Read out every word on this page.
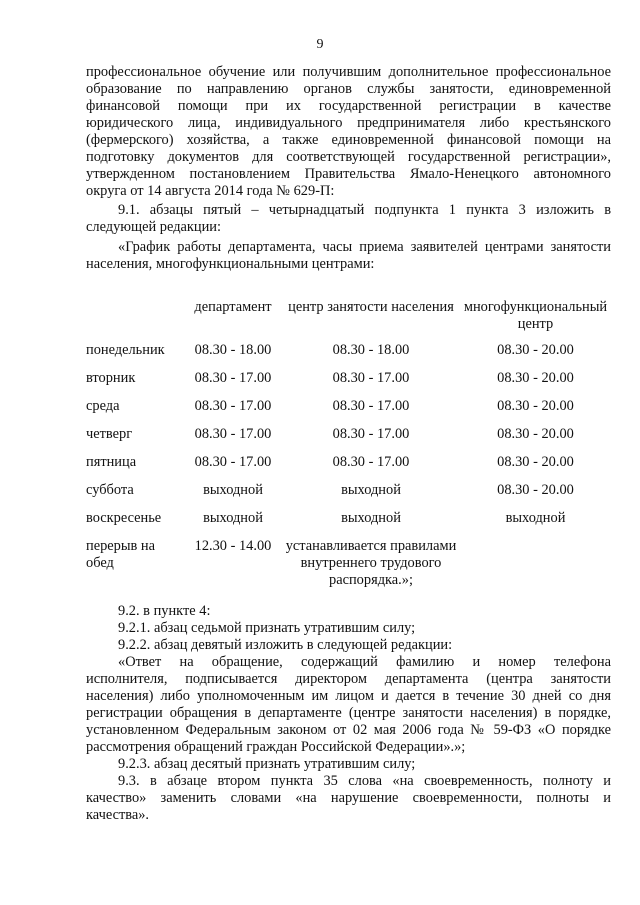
9

профессиональное обучение или получившим дополнительное профессиональное

образование по направлению органов службы занятости, единовременной

финансовой помощи при их государственной регистрации в качестве

юридического лица, индивидуального предпринимателя либо крестьянского

(фермерского) хозяйства, а также единовременной финансовой помощи на

подготовку документов для соответствующей государственной регистрации»,

утвержденном постановлением Правительства Ямало-Ненецкого автономного

округа от 14 августа 2014 года № 629-П:

9.1. абзацы пятый – четырнадцатый подпункта 1 пункта 3 изложить в

следующей редакции:

«График работы департамента, часы приема заявителей центрами занятости

населения, многофункциональными центрами:

	департамент	центр занятости населения	многофункциональный центр
понедельник	08.30 - 18.00	08.30 - 18.00	08.30 - 20.00
вторник	08.30 - 17.00	08.30 - 17.00	08.30 - 20.00
среда	08.30 - 17.00	08.30 - 17.00	08.30 - 20.00
четверг	08.30 - 17.00	08.30 - 17.00	08.30 - 20.00
пятница	08.30 - 17.00	08.30 - 17.00	08.30 - 20.00
суббота	выходной	выходной	08.30 - 20.00
воскресенье	выходной	выходной	выходной
перерыв на обед	12.30 - 14.00	устанавливается правилами внутреннего трудового распорядка.»;	

9.2. в пункте 4:

9.2.1. абзац седьмой признать утратившим силу;

9.2.2. абзац девятый изложить в следующей редакции:

«Ответ на обращение, содержащий фамилию и номер телефона

исполнителя, подписывается директором департамента (центра занятости

населения) либо уполномоченным им лицом и дается в течение 30 дней со дня

регистрации обращения в департаменте (центре занятости населения) в порядке,

установленном Федеральным законом от 02 мая 2006 года № 59-ФЗ «О порядке

рассмотрения обращений граждан Российской Федерации».»;

9.2.3. абзац десятый признать утратившим силу;

9.3. в абзаце втором пункта 35 слова «на своевременность, полноту и

качество» заменить словами «на нарушение своевременности, полноты и

качества».
